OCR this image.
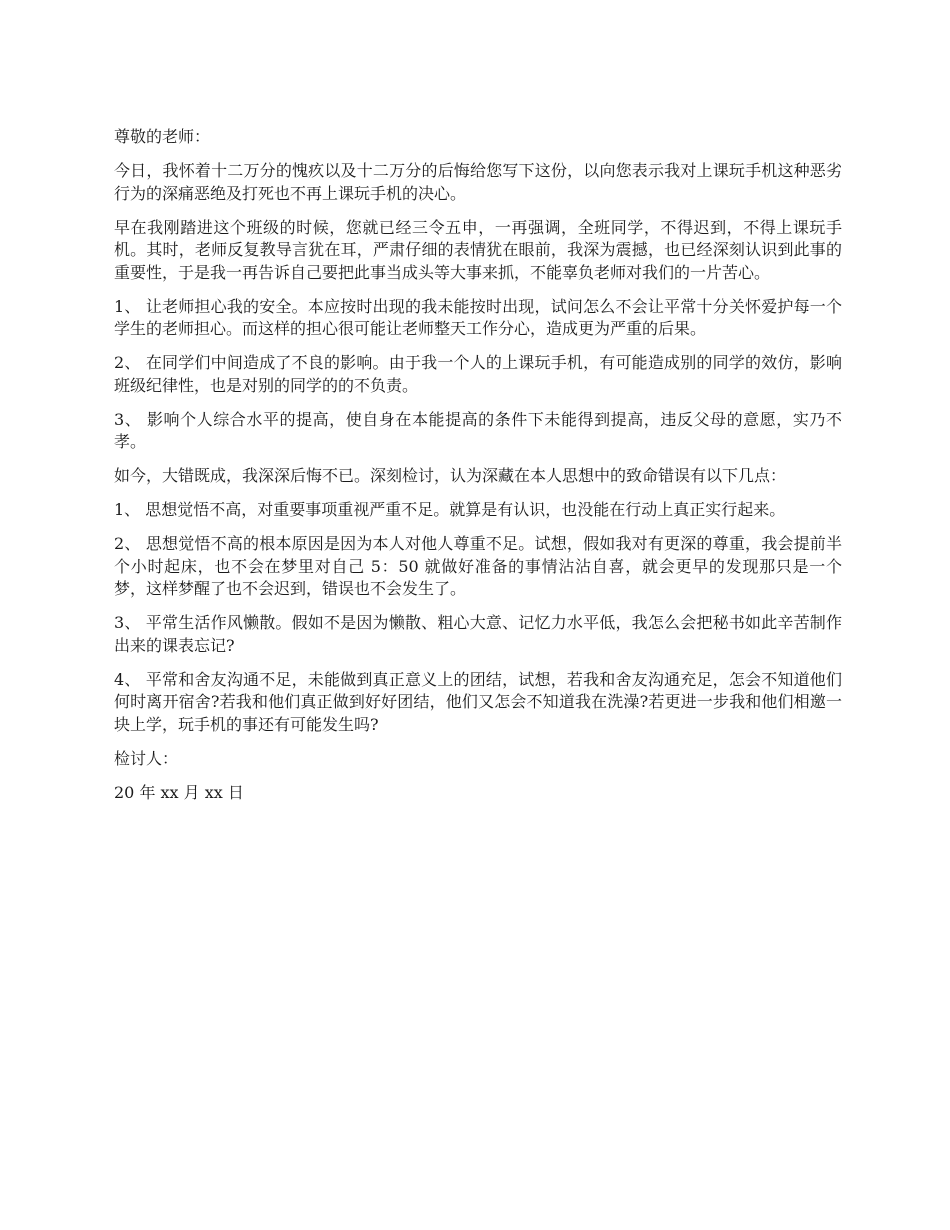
尊敬的老师：

今日，我怀着十二万分的愧疚以及十二万分的后悔给您写下这份，以向您表示我对上课玩手机这种恶劣行为的深痛恶绝及打死也不再上课玩手机的决心。

早在我刚踏进这个班级的时候，您就已经三令五申，一再强调，全班同学，不得迟到，不得上课玩手机。其时，老师反复教导言犹在耳，严肃仔细的表情犹在眼前，我深为震撼，也已经深刻认识到此事的重要性，于是我一再告诉自己要把此事当成头等大事来抓，不能辜负老师对我们的一片苦心。

1、 让老师担心我的安全。本应按时出现的我未能按时出现，试问怎么不会让平常十分关怀爱护每一个学生的老师担心。而这样的担心很可能让老师整天工作分心，造成更为严重的后果。

2、 在同学们中间造成了不良的影响。由于我一个人的上课玩手机，有可能造成别的同学的效仿，影响班级纪律性，也是对别的同学的的不负责。

3、 影响个人综合水平的提高，使自身在本能提高的条件下未能得到提高，违反父母的意愿，实乃不孝。

如今，大错既成，我深深后悔不已。深刻检讨，认为深藏在本人思想中的致命错误有以下几点：

1、 思想觉悟不高，对重要事项重视严重不足。就算是有认识，也没能在行动上真正实行起来。

2、 思想觉悟不高的根本原因是因为本人对他人尊重不足。试想，假如我对有更深的尊重，我会提前半个小时起床，也不会在梦里对自己 5：50 就做好准备的事情沾沾自喜，就会更早的发现那只是一个梦，这样梦醒了也不会迟到，错误也不会发生了。

3、 平常生活作风懒散。假如不是因为懒散、粗心大意、记忆力水平低，我怎么会把秘书如此辛苦制作出来的课表忘记?

4、 平常和舍友沟通不足，未能做到真正意义上的团结，试想，若我和舍友沟通充足，怎会不知道他们何时离开宿舍?若我和他们真正做到好好团结，他们又怎会不知道我在洗澡?若更进一步我和他们相邀一块上学，玩手机的事还有可能发生吗?

检讨人：

20 年 xx 月 xx 日
